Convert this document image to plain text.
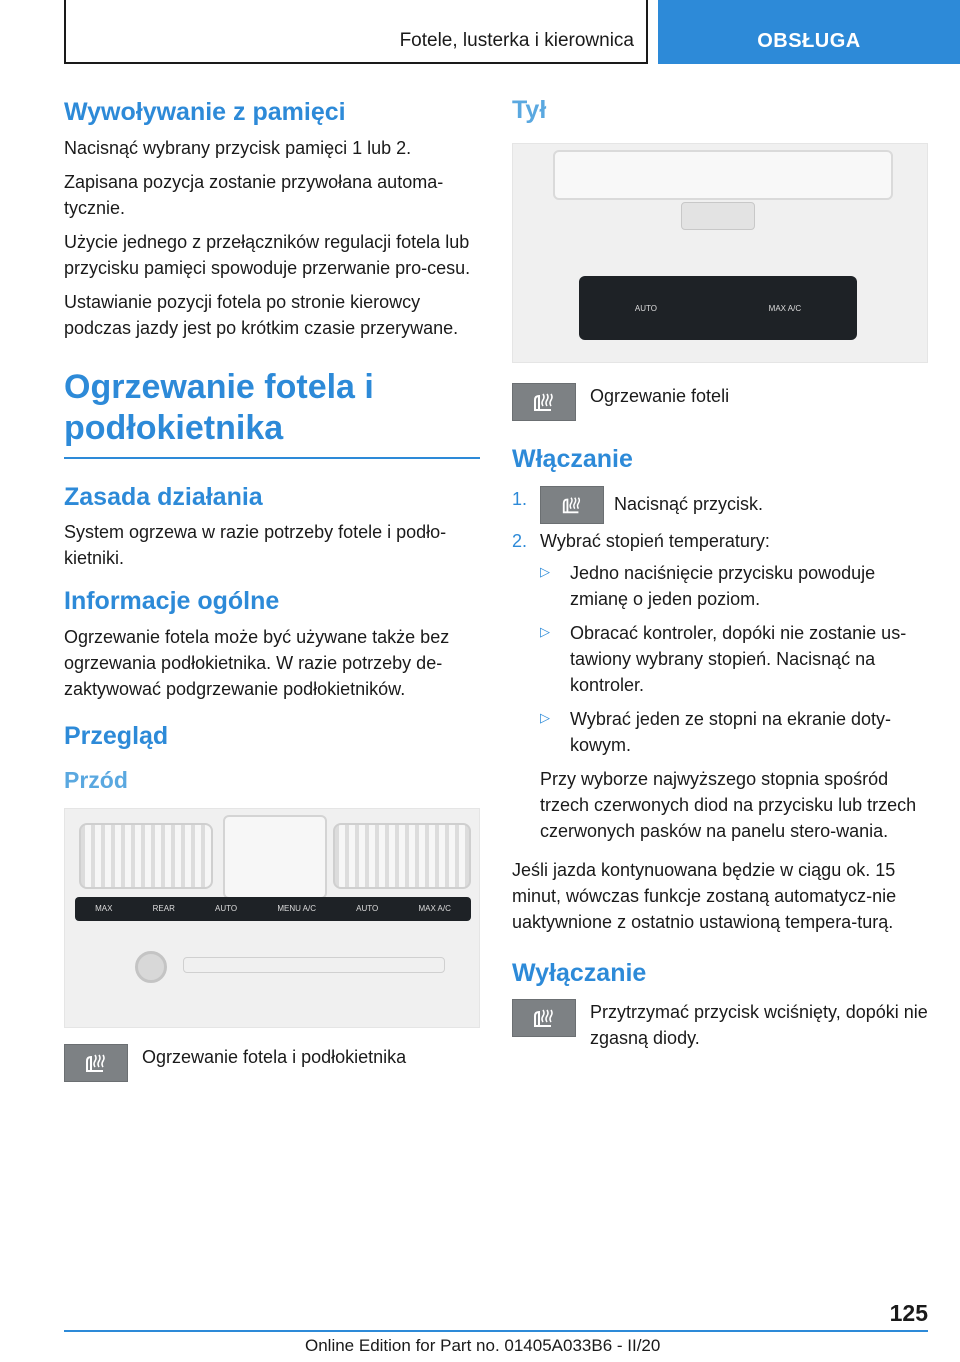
Fotele, lusterka i kierownica	OBSŁUGA
Wywoływanie z pamięci

Nacisnąć wybrany przycisk pamięci 1 lub 2.

Zapisana pozycja zostanie przywołana automa-tycznie.

Użycie jednego z przełączników regulacji fotela lub przycisku pamięci spowoduje przerwanie pro-cesu.

Ustawianie pozycji fotela po stronie kierowcy podczas jazdy jest po krótkim czasie przerywane.

Ogrzewanie fotela i podłokietnika
Zasada działania

System ogrzewa w razie potrzeby fotele i podło-kietniki.

Informacje ogólne

Ogrzewanie fotela może być używane także bez ogrzewania podłokietnika. W razie potrzeby de-zaktywować podgrzewanie podłokietników.

Przegląd
Przód
MAX	REAR	AUTO	MENU A/C	AUTO	MAX A/C

Ogrzewanie fotela i podłokietnika

Tył
AUTO	MAX A/C

Ogrzewanie foteli

Włączanie
1.	Nacisnąć przycisk.
2. Wybrać stopień temperatury:
▷	Jedno naciśnięcie przycisku powoduje zmianę o jeden poziom.
▷	Obracać kontroler, dopóki nie zostanie us-tawiony wybrany stopień. Nacisnąć na kontroler.
▷	Wybrać jeden ze stopni na ekranie doty-kowym.

Przy wyborze najwyższego stopnia spośród trzech czerwonych diod na przycisku lub trzech czerwonych pasków na panelu stero-wania.

Jeśli jazda kontynuowana będzie w ciągu ok. 15 minut, wówczas funkcje zostaną automatycz-nie uaktywnione z ostatnio ustawioną tempera-turą.

Wyłączanie

Przytrzymać przycisk wciśnięty, dopóki nie zgasną diody.

125
Online Edition for Part no. 01405A033B6 - II/20
